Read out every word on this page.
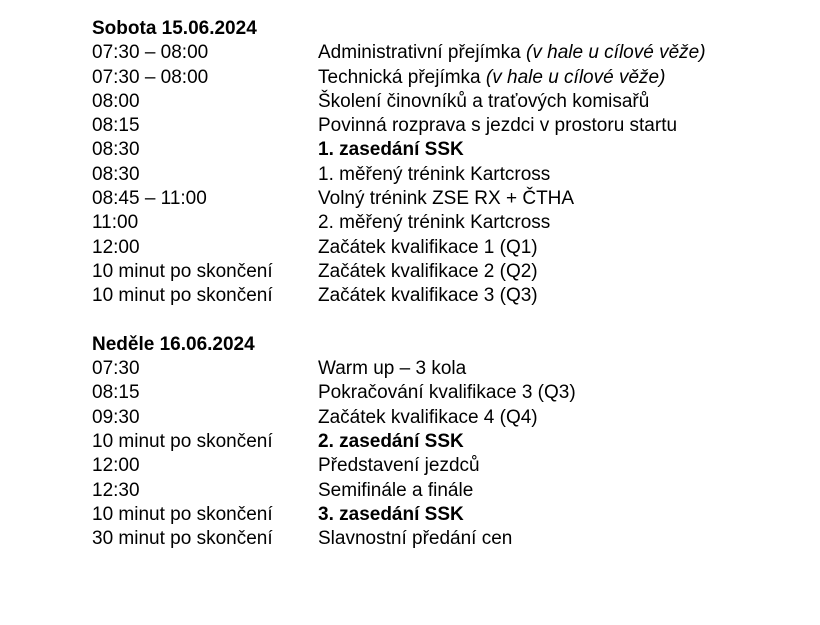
Sobota 15.06.2024
07:30 – 08:00	Administrativní přejímka (v hale u cílové věže)
07:30 – 08:00	Technická přejímka (v hale u cílové věže)
08:00	Školení činovníků a traťových komisařů
08:15	Povinná rozprava s jezdci v prostoru startu
08:30	1. zasedání SSK
08:30	1. měřený trénink Kartcross
08:45 – 11:00	Volný trénink ZSE RX + ČTHA
11:00	2. měřený trénink Kartcross
12:00	Začátek kvalifikace 1 (Q1)
10 minut po skončení	Začátek kvalifikace 2 (Q2)
10 minut po skončení	Začátek kvalifikace 3 (Q3)
Neděle 16.06.2024
07:30	Warm up – 3 kola
08:15	Pokračování kvalifikace 3 (Q3)
09:30	Začátek kvalifikace 4 (Q4)
10 minut po skončení	2. zasedání SSK
12:00	Představení jezdců
12:30	Semifinále a finále
10 minut po skončení	3. zasedání SSK
30 minut po skončení	Slavnostní předání cen
